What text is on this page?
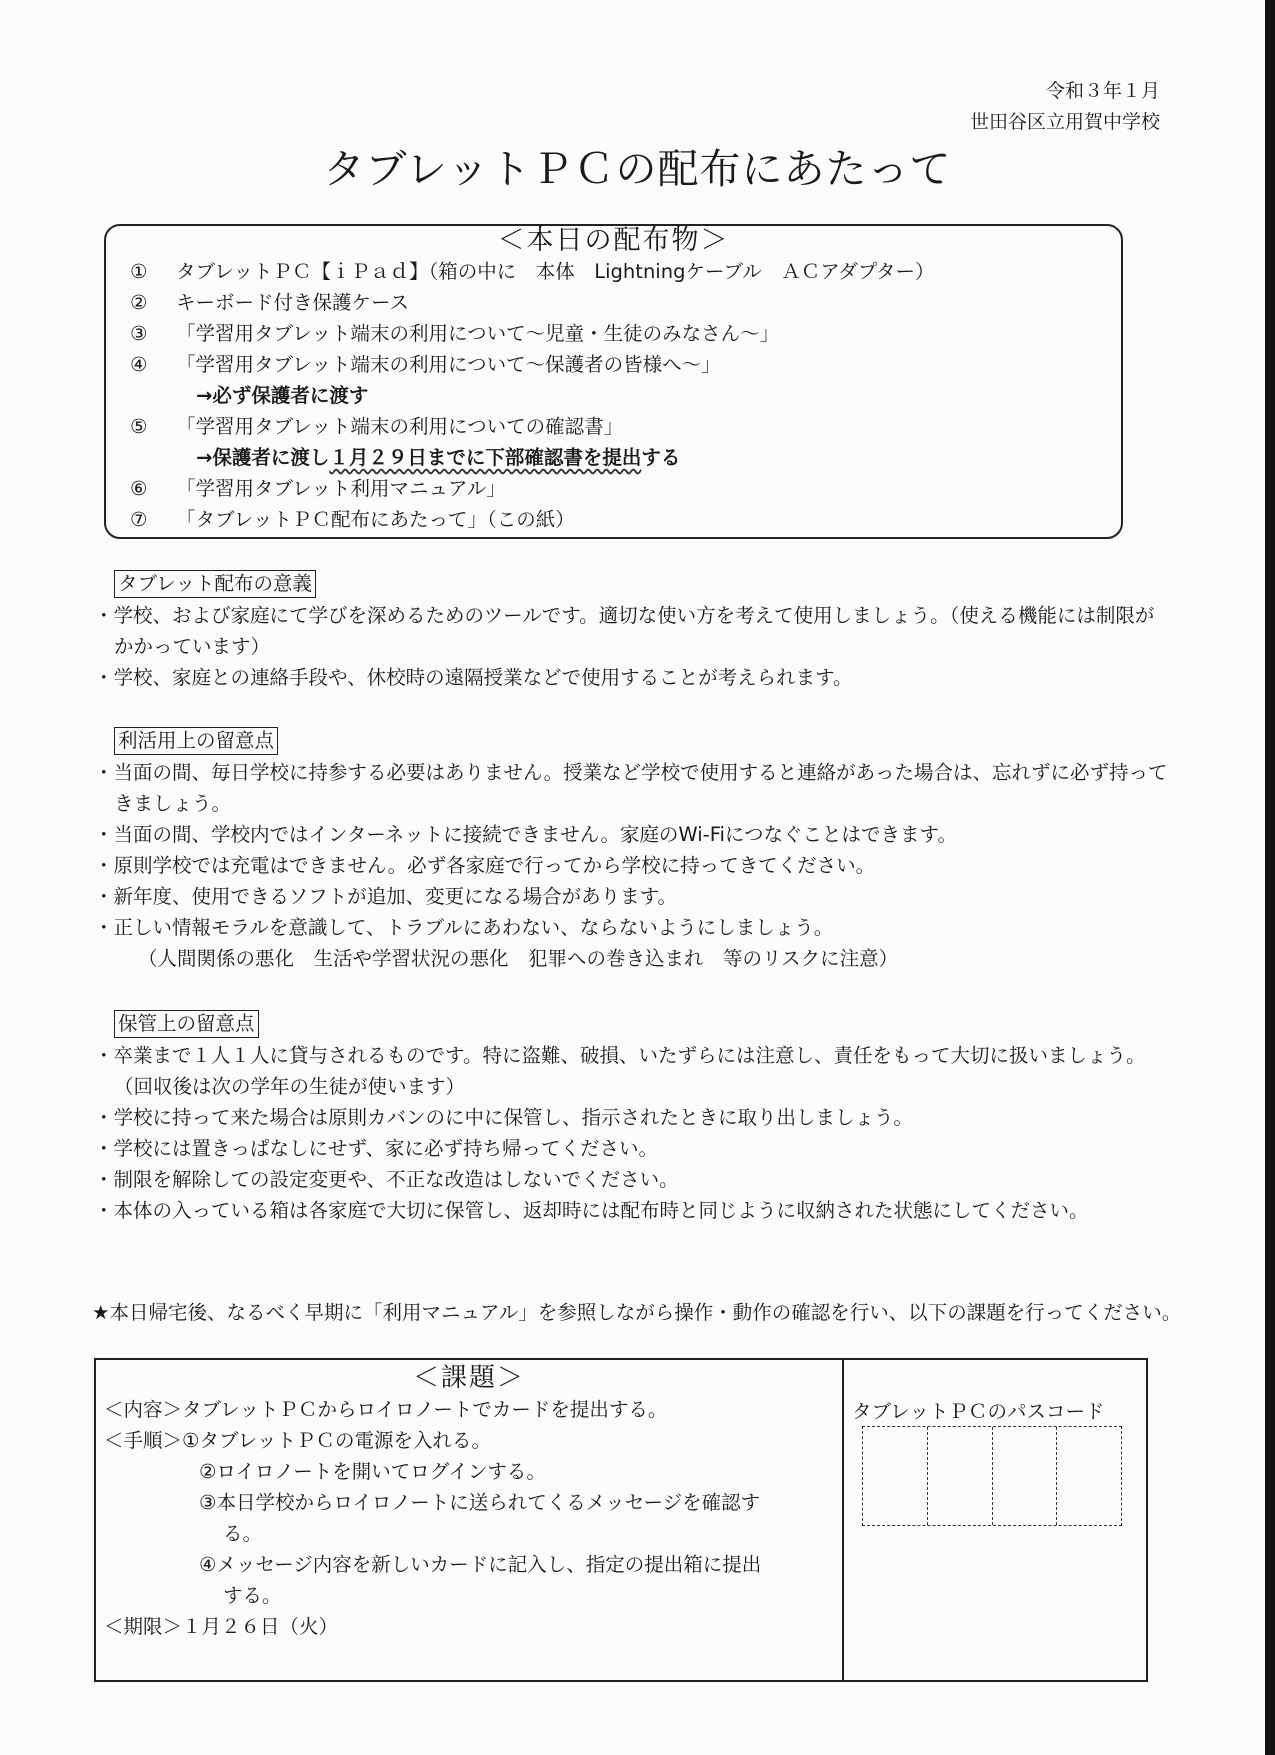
令和３年１月
世田谷区立用賀中学校
タブレットＰＣの配布にあたって
＜本日の配布物＞
① タブレットＰＣ【ｉＰａｄ】（箱の中に　本体　Lightningケーブル　ＡＣアダプター）
② キーボード付き保護ケース
③ 「学習用タブレット端末の利用について～児童・生徒のみなさん～」
④ 「学習用タブレット端末の利用について～保護者の皆様へ～」
→必ず保護者に渡す
⑤ 「学習用タブレット端末の利用についての確認書」
→保護者に渡し１月２９日までに下部確認書を提出する
⑥ 「学習用タブレット利用マニュアル」
⑦ 「タブレットＰＣ配布にあたって」（この紙）
タブレット配布の意義
・学校、および家庭にて学びを深めるためのツールです。適切な使い方を考えて使用しましょう。（使える機能には制限がかかっています）
・学校、家庭との連絡手段や、休校時の遠隔授業などで使用することが考えられます。
利活用上の留意点
・当面の間、毎日学校に持参する必要はありません。授業など学校で使用すると連絡があった場合は、忘れずに必ず持ってきましょう。
・当面の間、学校内ではインターネットに接続できません。家庭のWi-Fiにつなぐことはできます。
・原則学校では充電はできません。必ず各家庭で行ってから学校に持ってきてください。
・新年度、使用できるソフトが追加、変更になる場合があります。
・正しい情報モラルを意識して、トラブルにあわない、ならないようにしましょう。
（人間関係の悪化　生活や学習状況の悪化　犯罪への巻き込まれ　等のリスクに注意）
保管上の留意点
・卒業まで１人１人に貸与されるものです。特に盗難、破損、いたずらには注意し、責任をもって大切に扱いましょう。（回収後は次の学年の生徒が使います）
・学校に持って来た場合は原則カバンのに中に保管し、指示されたときに取り出しましょう。
・学校には置きっぱなしにせず、家に必ず持ち帰ってください。
・制限を解除しての設定変更や、不正な改造はしないでください。
・本体の入っている箱は各家庭で大切に保管し、返却時には配布時と同じように収納された状態にしてください。
★本日帰宅後、なるべく早期に「利用マニュアル」を参照しながら操作・動作の確認を行い、以下の課題を行ってください。
＜課題＞
＜内容＞タブレットＰＣからロイロノートでカードを提出する。
＜手順＞①タブレットＰＣの電源を入れる。
②ロイロノートを開いてログインする。
③本日学校からロイロノートに送られてくるメッセージを確認す
る。
④メッセージ内容を新しいカードに記入し、指定の提出箱に提出
する。
＜期限＞１月２６日（火）
タブレットＰＣのパスコード
